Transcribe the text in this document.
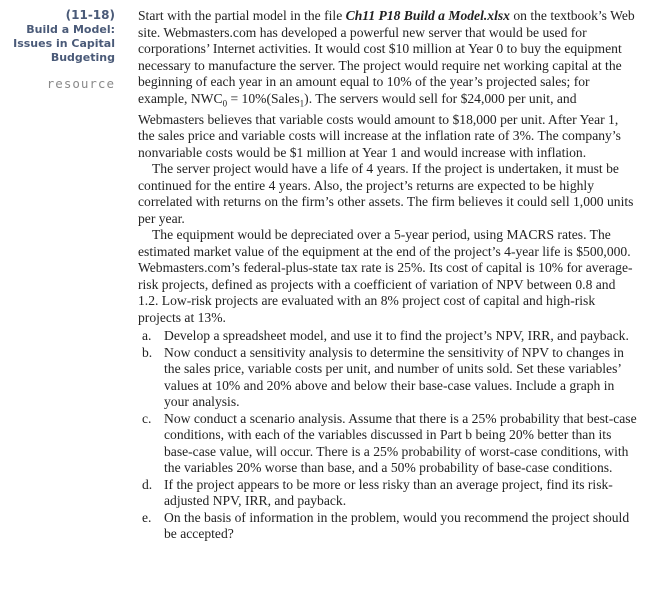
(11-18)
Build a Model:
Issues in Capital
Budgeting
resource

Start with the partial model in the file Ch11 P18 Build a Model.xlsx on the textbook’s Web site. Webmasters.com has developed a powerful new server that would be used for corporations’ Internet activities. It would cost $10 million at Year 0 to buy the equipment necessary to manufacture the server. The project would require net working capital at the beginning of each year in an amount equal to 10% of the year’s projected sales; for example, $NWC_0$ = 10%(Sales$_1$). The servers would sell for $24,000 per unit, and Webmasters believes that variable costs would amount to $18,000 per unit. After Year 1, the sales price and variable costs will increase at the inflation rate of 3%. The company’s nonvariable costs would be $1 million at Year 1 and would increase with inflation.

The server project would have a life of 4 years. If the project is undertaken, it must be continued for the entire 4 years. Also, the project’s returns are expected to be highly correlated with returns on the firm’s other assets. The firm believes it could sell 1,000 units per year.

The equipment would be depreciated over a 5-year period, using MACRS rates. The estimated market value of the equipment at the end of the project’s 4-year life is $500,000. Webmasters.com’s federal-plus-state tax rate is 25%. Its cost of capital is 10% for average-risk projects, defined as projects with a coefficient of variation of NPV between 0.8 and 1.2. Low-risk projects are evaluated with an 8% project cost of capital and high-risk projects at 13%.

a. Develop a spreadsheet model, and use it to find the project’s NPV, IRR, and payback.
b. Now conduct a sensitivity analysis to determine the sensitivity of NPV to changes in the sales price, variable costs per unit, and number of units sold. Set these variables’ values at 10% and 20% above and below their base-case values. Include a graph in your analysis.
c. Now conduct a scenario analysis. Assume that there is a 25% probability that best-case conditions, with each of the variables discussed in Part b being 20% better than its base-case value, will occur. There is a 25% probability of worst-case conditions, with the variables 20% worse than base, and a 50% probability of base-case conditions.
d. If the project appears to be more or less risky than an average project, find its risk-adjusted NPV, IRR, and payback.
e. On the basis of information in the problem, would you recommend the project should be accepted?
